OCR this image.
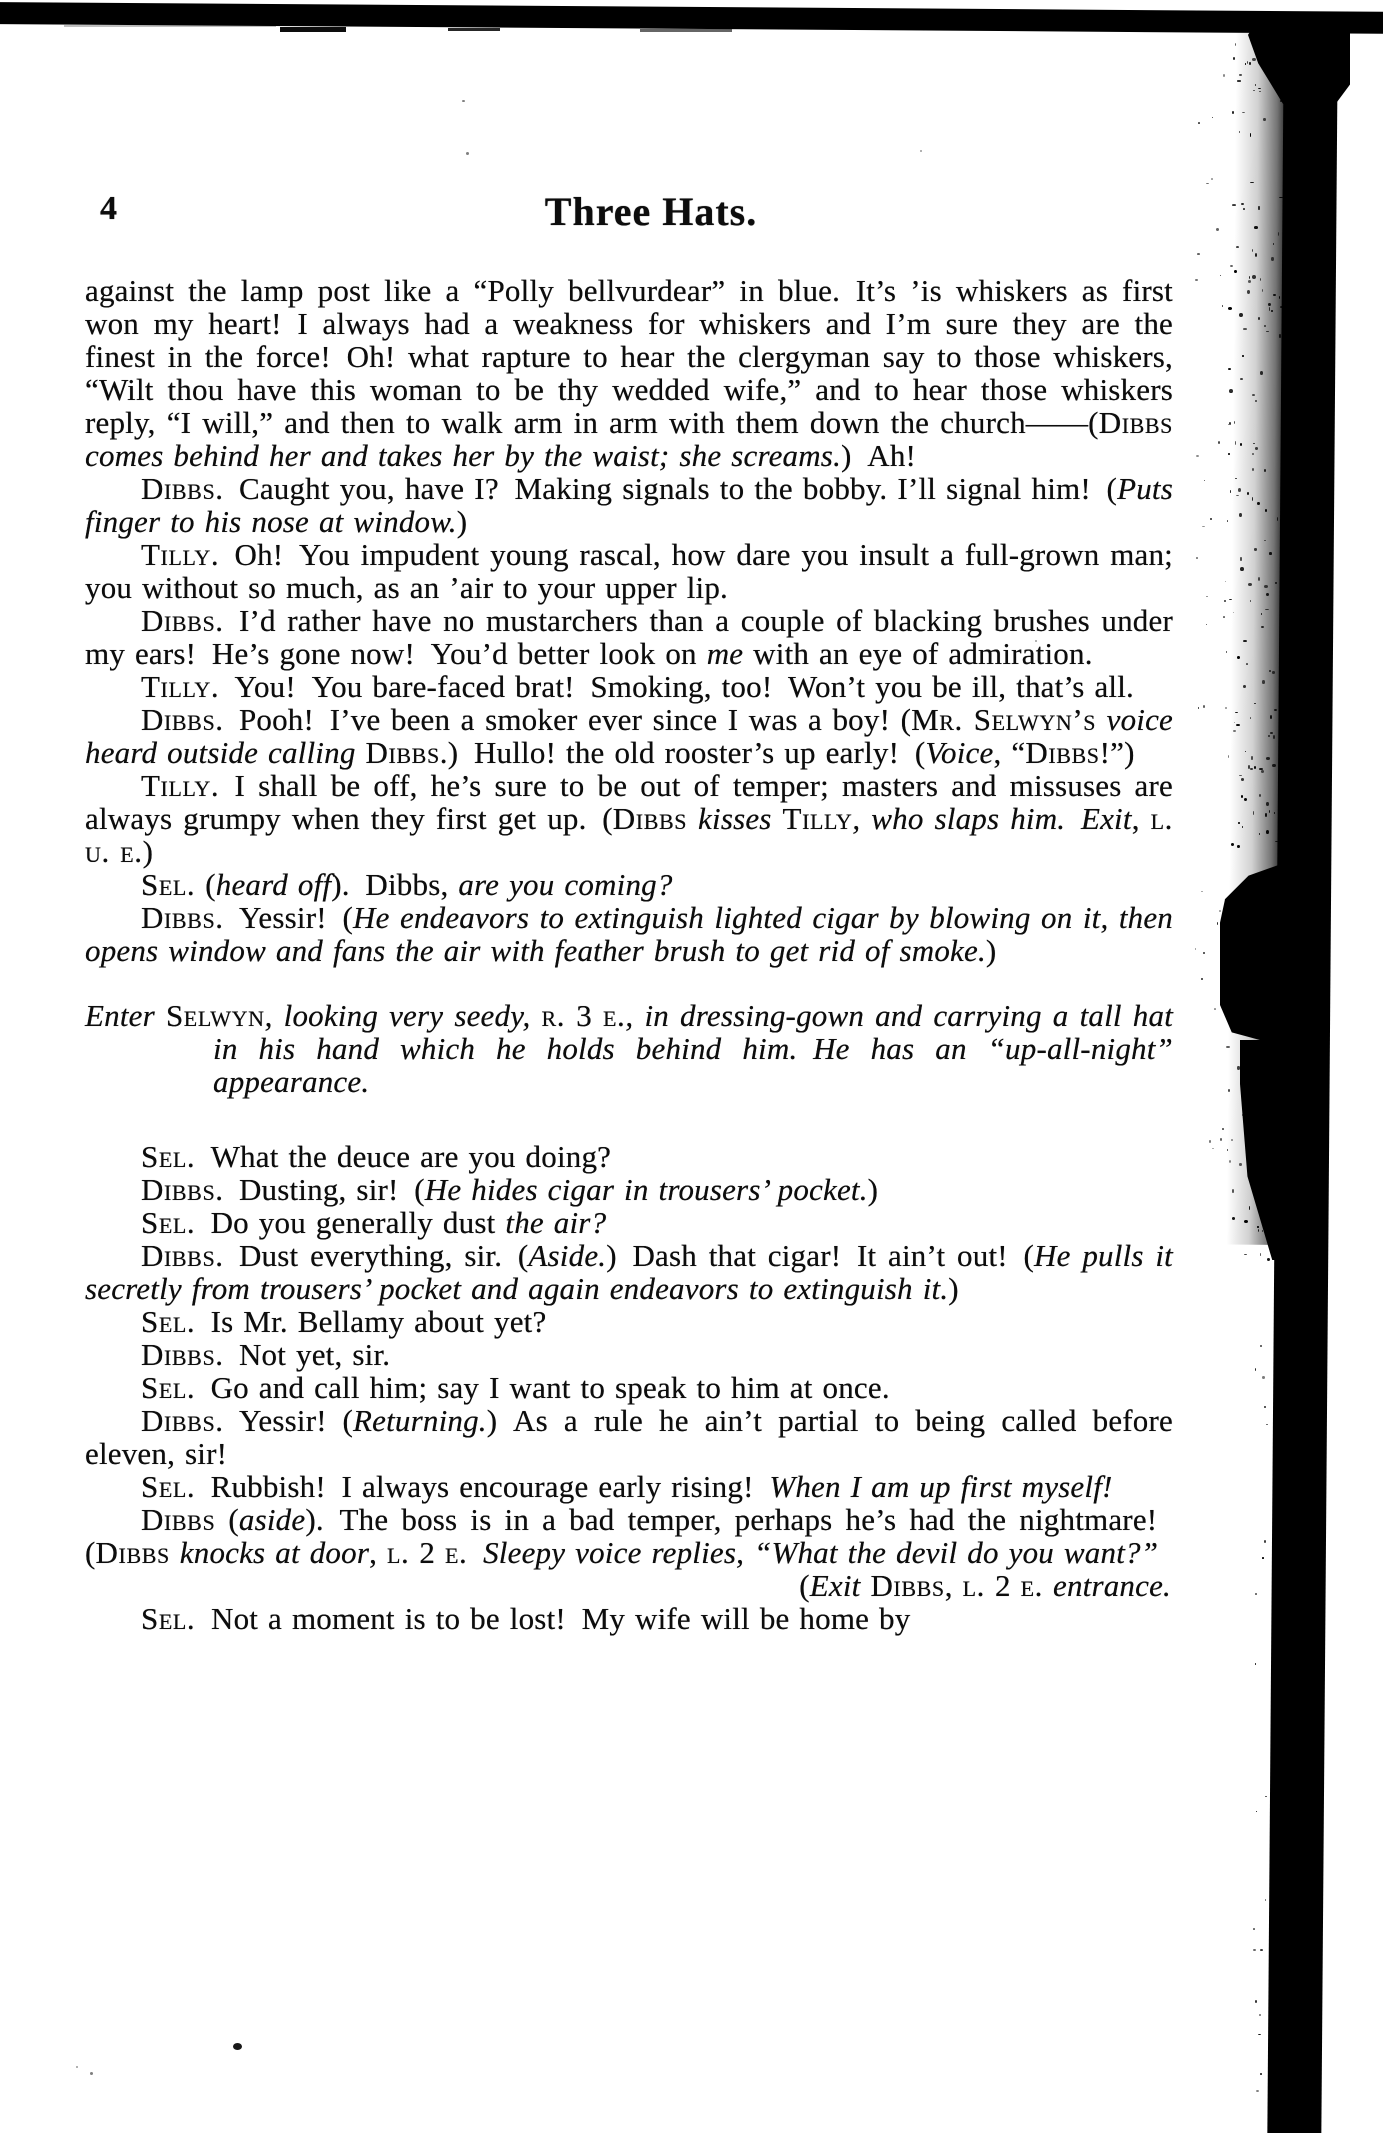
4	Three Hats.

against the lamp post like a “Polly bellvurdear” in blue. It’s ’is whiskers as first won my heart! I always had a weakness for whiskers and I’m sure they are the finest in the force! Oh! what rapture to hear the clergyman say to those whiskers, “Wilt thou have this woman to be thy wedded wife,” and to hear those whiskers reply, “I will,” and then to walk arm in arm with them down the church——(Dibbs comes behind her and takes her by the waist; she screams.) Ah!

Dibbs. Caught you, have I? Making signals to the bobby. I’ll signal him! (Puts finger to his nose at window.)

Tilly. Oh! You impudent young rascal, how dare you insult a full-grown man; you without so much, as an ’air to your upper lip.

Dibbs. I’d rather have no mustarchers than a couple of blacking brushes under my ears! He’s gone now! You’d better look on me with an eye of admiration.

Tilly. You! You bare-faced brat! Smoking, too! Won’t you be ill, that’s all.

Dibbs. Pooh! I’ve been a smoker ever since I was a boy! (Mr. Selwyn’s voice heard outside calling Dibbs.) Hullo! the old rooster’s up early! (Voice, “Dibbs!”)

Tilly. I shall be off, he’s sure to be out of temper; masters and missuses are always grumpy when they first get up. (Dibbs kisses Tilly, who slaps him. Exit, l. u. e.)

Sel. (heard off). Dibbs, are you coming?

Dibbs. Yessir! (He endeavors to extinguish lighted cigar by blowing on it, then opens window and fans the air with feather brush to get rid of smoke.)

Enter Selwyn, looking very seedy, r. 3 e., in dressing-gown and carrying a tall hat in his hand which he holds behind him. He has an “up-all-night” appearance.

Sel. What the deuce are you doing?

Dibbs. Dusting, sir! (He hides cigar in trousers’ pocket.)

Sel. Do you generally dust the air?

Dibbs. Dust everything, sir. (Aside.) Dash that cigar! It ain’t out! (He pulls it secretly from trousers’ pocket and again endeavors to extinguish it.)

Sel. Is Mr. Bellamy about yet?

Dibbs. Not yet, sir.

Sel. Go and call him; say I want to speak to him at once.

Dibbs. Yessir! (Returning.) As a rule he ain’t partial to being called before eleven, sir!

Sel. Rubbish! I always encourage early rising! When I am up first myself!

Dibbs (aside). The boss is in a bad temper, perhaps he’s had the nightmare! (Dibbs knocks at door, l. 2 e.  Sleepy voice replies, “What the devil do you want?”

(Exit Dibbs, l. 2 e. entrance.

Sel. Not a moment is to be lost! My wife will be home by
